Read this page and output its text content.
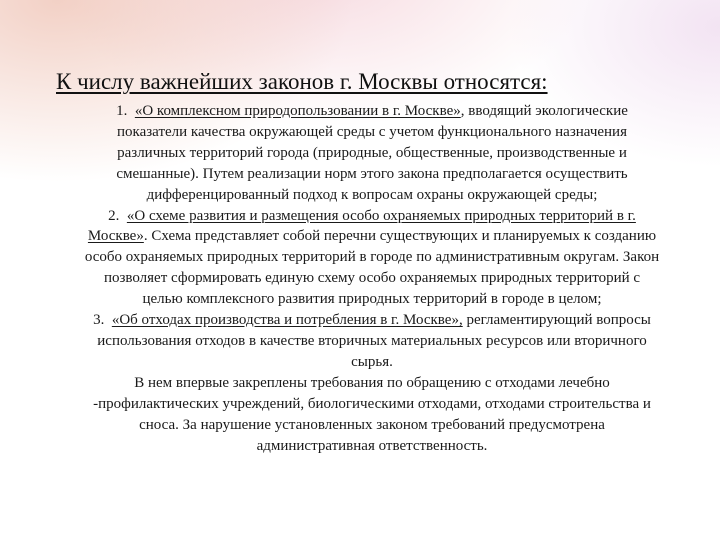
К числу важнейших законов г. Москвы относятся:
1. «О комплексном природопользовании в г. Москве», вводящий экологические показатели качества окружающей среды с учетом функционального назначения различных территорий города (природные, общественные, производственные и смешанные). Путем реализации норм этого закона предполагается осуществить дифференцированный подход к вопросам охраны окружающей среды;
2. «О схеме развития и размещения особо охраняемых природных территорий в г. Москве». Схема представляет собой перечни существующих и планируемых к созданию особо охраняемых природных территорий в городе по административным округам. Закон позволяет сформировать единую схему особо охраняемых природных территорий с целью комплексного развития природных территорий в городе в целом;
3. «Об отходах производства и потребления в г. Москве», регламентирующий вопросы использования отходов в качестве вторичных материальных ресурсов или вторичного сырья.
В нем впервые закреплены требования по обращению с отходами лечебно -профилактических учреждений, биологическими отходами, отходами строительства и сноса. За нарушение установленных законом требований предусмотрена административная ответственность.
